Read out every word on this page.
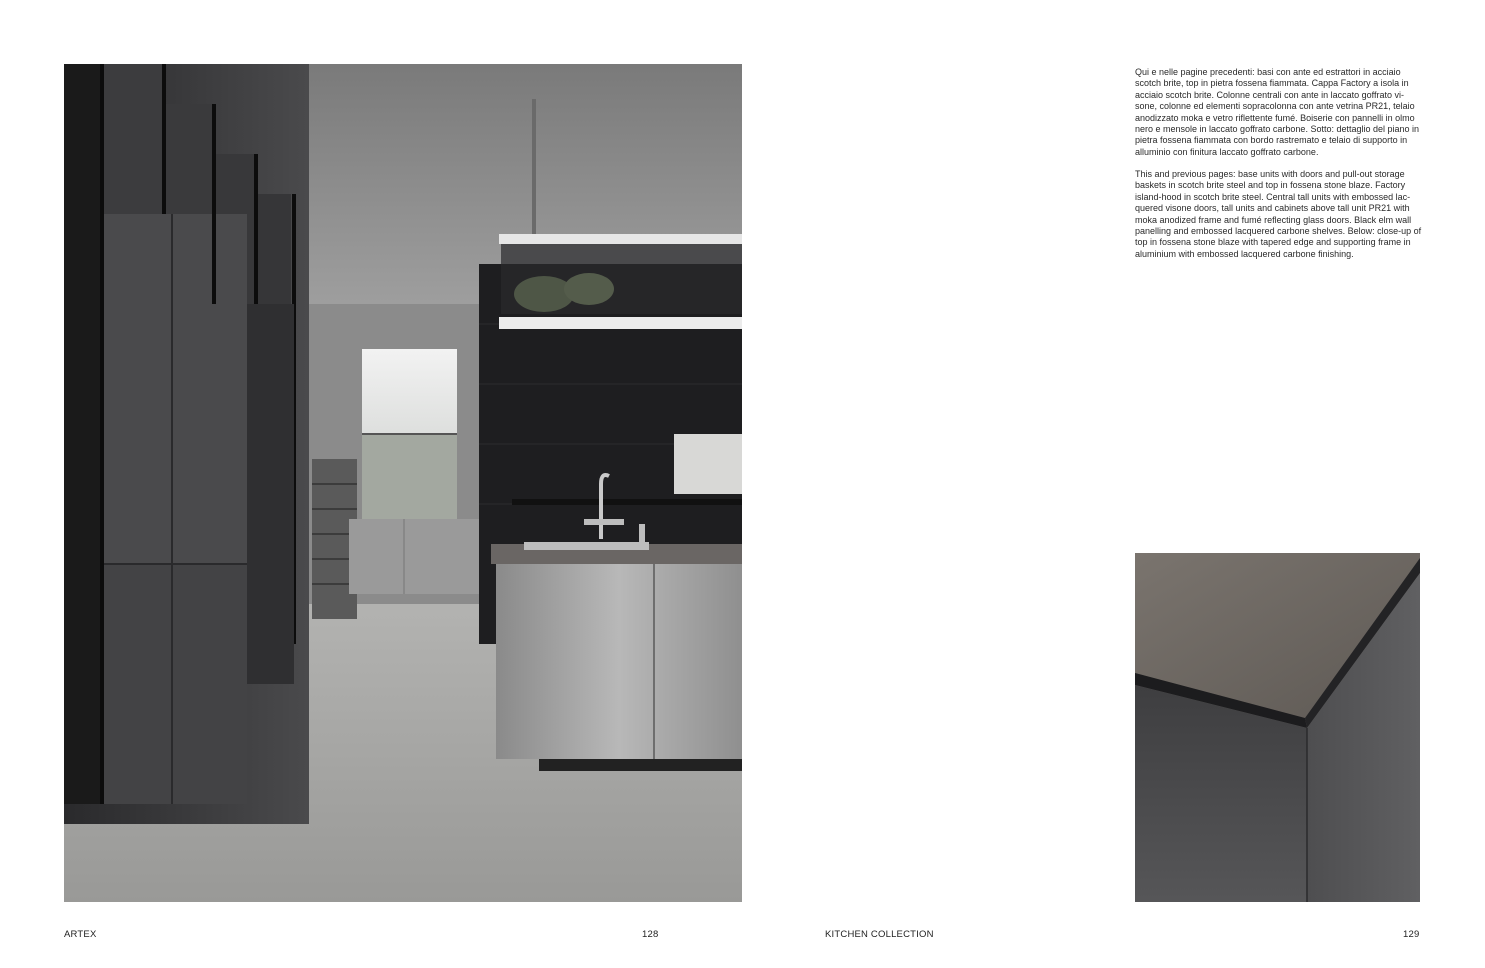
Qui e nelle pagine precedenti: basi con ante ed estrattori in acciaio scotch brite, top in pietra fossena fiammata. Cappa Factory a isola in acciaio scotch brite. Colonne centrali con ante in laccato goffrato vi-sone, colonne ed elementi sopracolonna con ante vetrina PR21, telaio anodizzato moka e vetro riflettente fumé. Boiserie con pannelli in olmo nero e mensole in laccato goffrato carbone. Sotto: dettaglio del piano in pietra fossena fiammata con bordo rastremato e telaio di supporto in alluminio con finitura laccato goffrato carbone.

This and previous pages: base units with doors and pull-out storage baskets in scotch brite steel and top in fossena stone blaze. Factory island-hood in scotch brite steel. Central tall units with embossed lac-quered visone doors, tall units and cabinets above tall unit PR21 with moka anodized frame and fumé reflecting glass doors. Black elm wall panelling and embossed lacquered carbone shelves. Below: close-up of top in fossena stone blaze with tapered edge and supporting frame in aluminium with embossed lacquered carbone finishing.

ARTEX	128	KITCHEN COLLECTION	129
